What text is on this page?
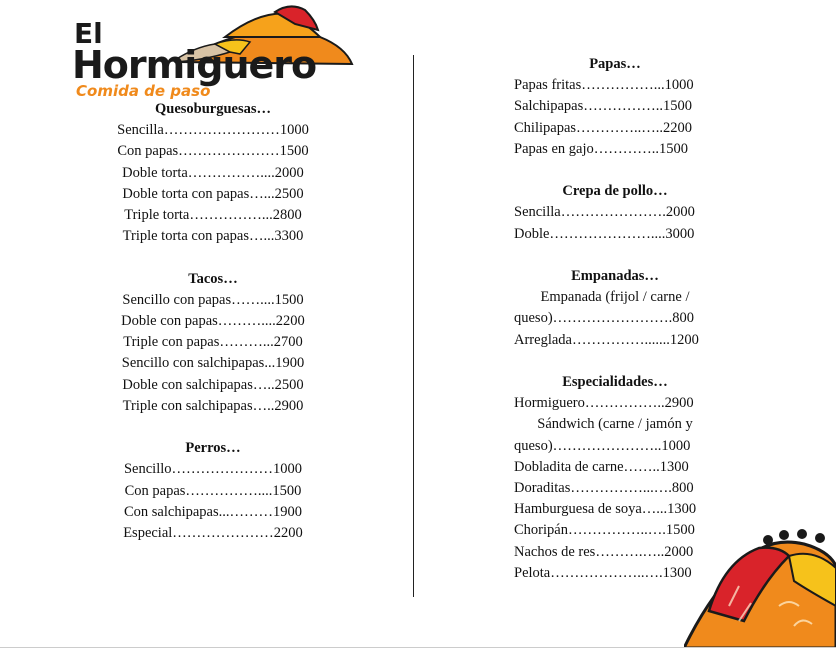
El
Hormiguero
Comida de paso
Quesoburguesas…
Sencilla……………………1000
Con papas…………………1500
Doble torta……………....2000
Doble torta con papas…...2500
Triple torta……………...2800
Triple torta con papas…...3300
Tacos…
Sencillo con papas……....1500
Doble con papas………....2200
Triple con papas………...2700
Sencillo con salchipapas...1900
Doble con salchipapas…..2500
Triple con salchipapas…..2900
Perros…
Sencillo…………………1000
Con papas……………....1500
Con salchipapas...………1900
Especial…………………2200
Papas…
Papas fritas……………...1000
Salchipapas……………..1500
Chilipapas…………..…..2200
Papas en gajo…………..1500
Crepa de pollo…
Sencilla………………….2000
Doble…………………....3000
Empanadas…
Empanada (frijol / carne /
queso)…………………….800
Arreglada…………….......1200
Especialidades…
Hormiguero……………..2900
Sándwich (carne / jamón y
queso)…………………..1000
Dobladita de carne……..1300
Doraditas……………...….800
Hamburguesa de soya…...1300
Choripán……………..….1500
Nachos de res……….…..2000
Pelota………………..….1300
